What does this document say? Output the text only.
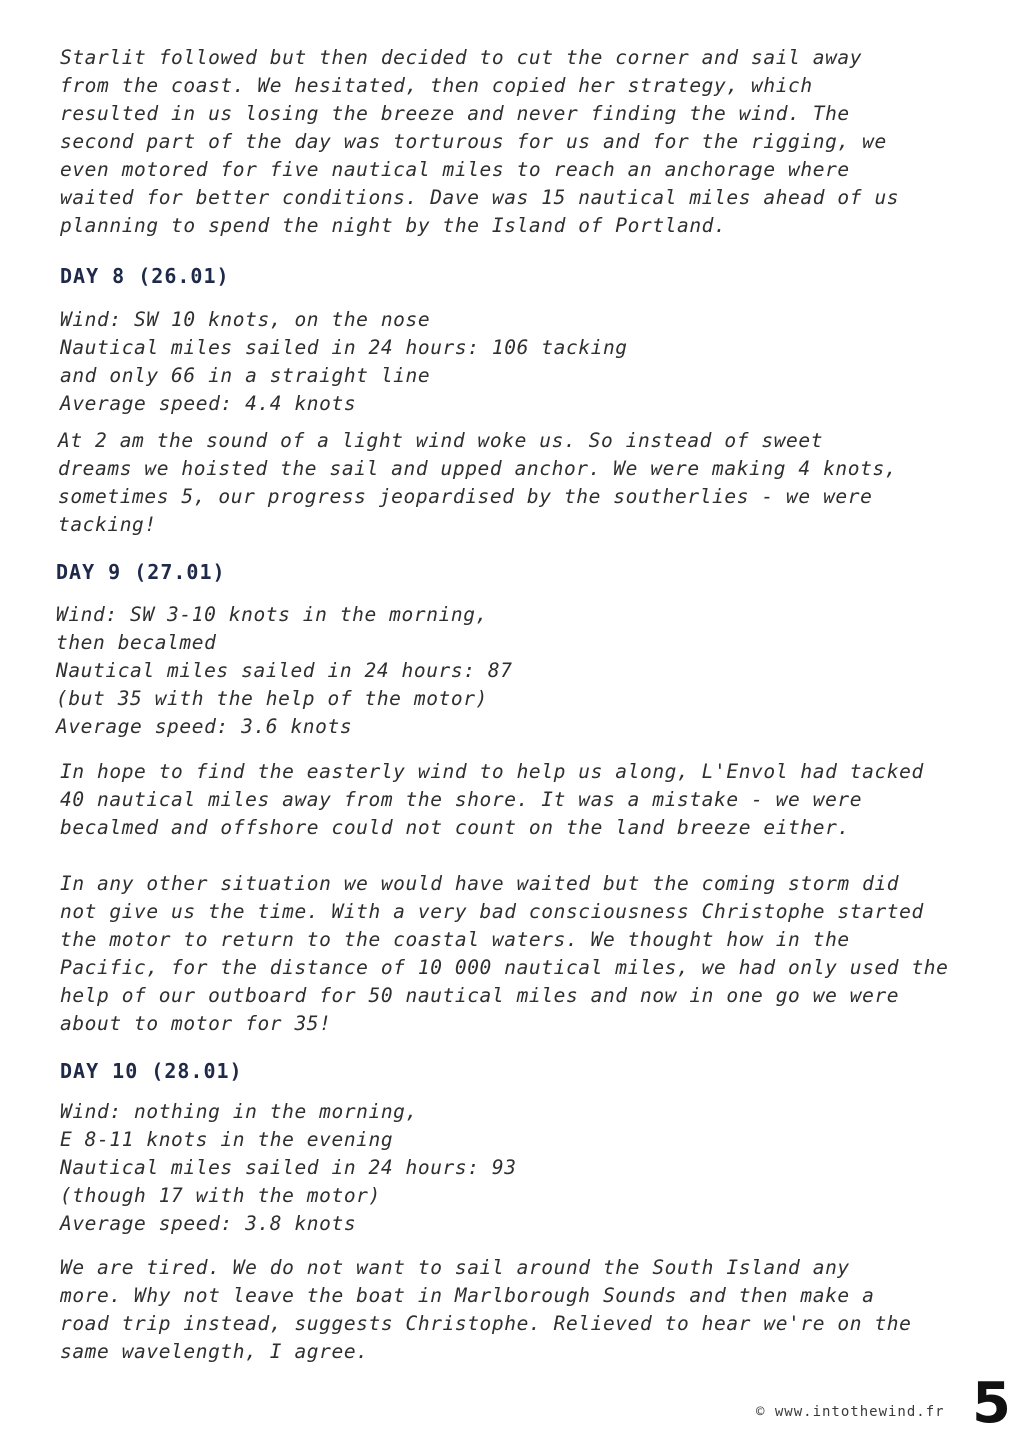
Starlit followed but then decided to cut the corner and sail away
from the coast. We hesitated, then copied her strategy, which
resulted in us losing the breeze and never finding the wind. The
second part of the day was torturous for us and for the rigging, we
even motored for five nautical miles to reach an anchorage where
waited for better conditions. Dave was 15 nautical miles ahead of us
planning to spend the night by the Island of Portland.
DAY 8 (26.01)
Wind: SW 10 knots, on the nose
Nautical miles sailed in 24 hours: 106 tacking
and only 66 in a straight line
Average speed: 4.4 knots
At 2 am the sound of a light wind woke us. So instead of sweet
dreams we hoisted the sail and upped anchor. We were making 4 knots,
sometimes 5, our progress jeopardised by the southerlies - we were
tacking!
DAY 9 (27.01)
Wind: SW 3-10 knots in the morning,
then becalmed
Nautical miles sailed in 24 hours: 87
(but 35 with the help of the motor)
Average speed: 3.6 knots
In hope to find the easterly wind to help us along, L'Envol had tacked
40 nautical miles away from the shore. It was a mistake - we were
becalmed and offshore could not count on the land breeze either.
In any other situation we would have waited but the coming storm did
not give us the time. With a very bad consciousness Christophe started
the motor to return to the coastal waters. We thought how in the
Pacific, for the distance of 10 000 nautical miles, we had only used the
help of our outboard for 50 nautical miles and now in one go we were
about to motor for 35!
DAY 10 (28.01)
Wind: nothing in the morning,
E 8-11 knots in the evening
Nautical miles sailed in 24 hours: 93
(though 17 with the motor)
Average speed: 3.8 knots
We are tired. We do not want to sail around the South Island any
more. Why not leave the boat in Marlborough Sounds and then make a
road trip instead, suggests Christophe. Relieved to hear we're on the
same wavelength, I agree.
© www.intothewind.fr 5
